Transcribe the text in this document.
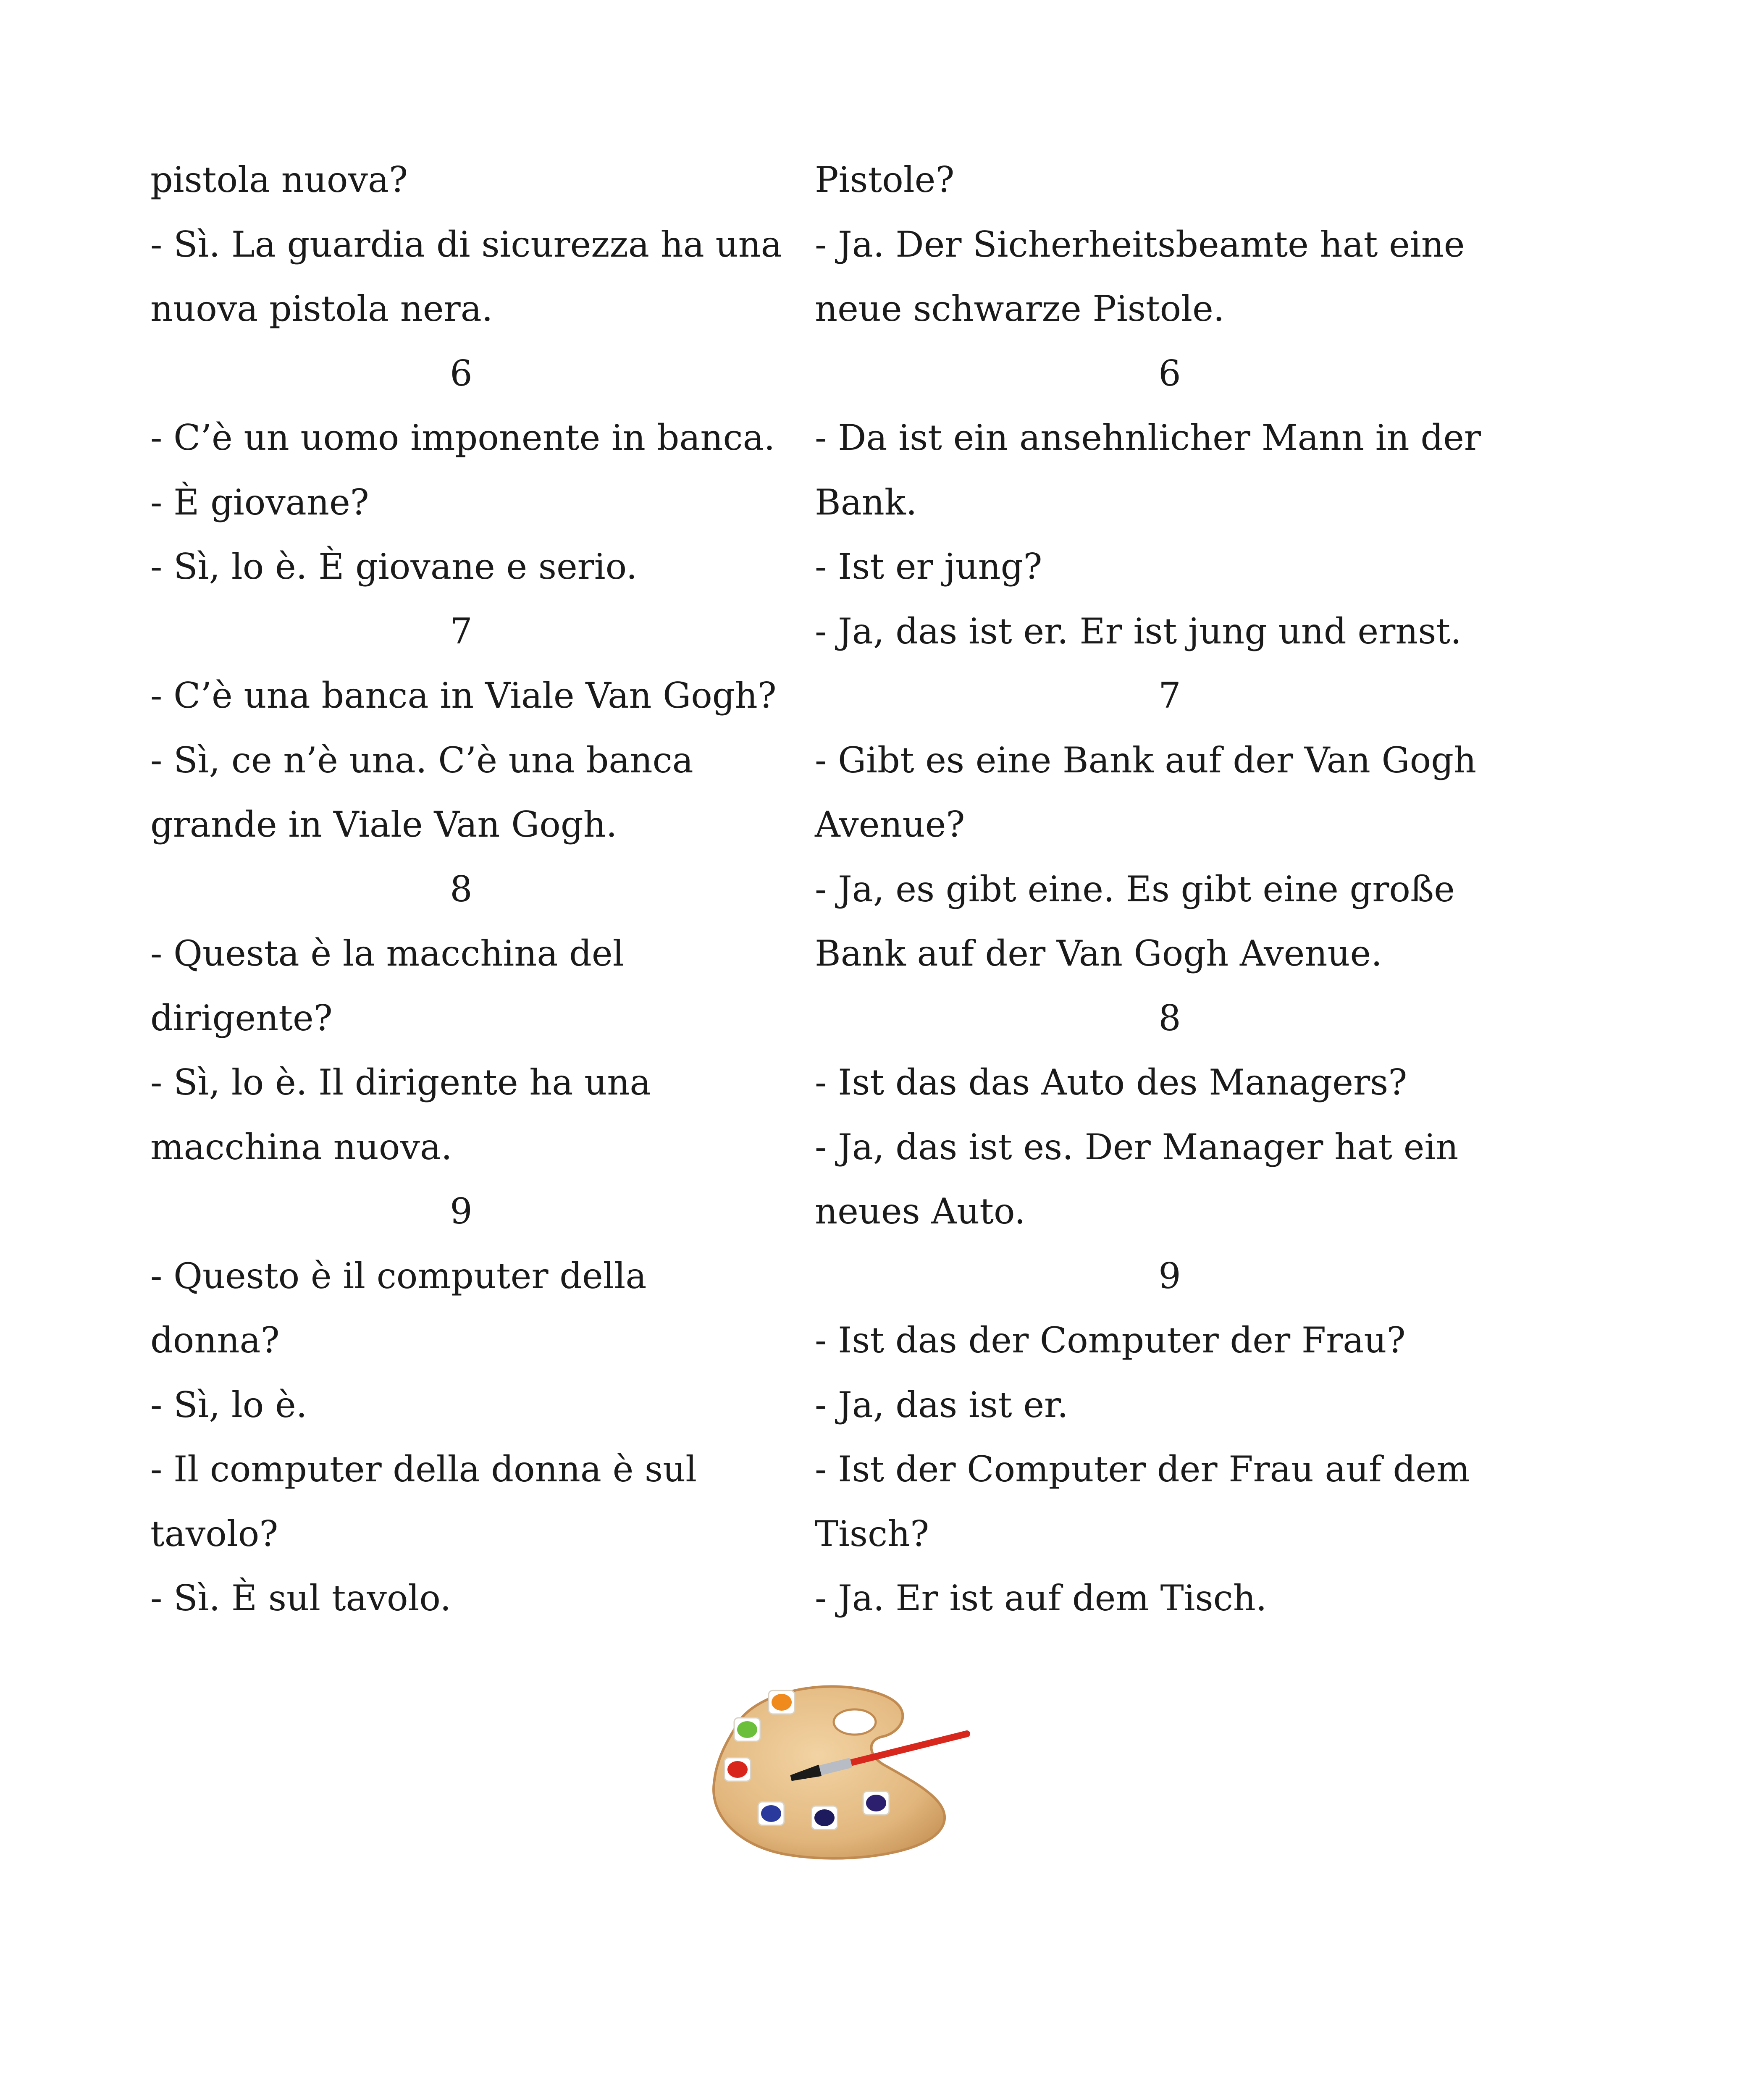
pistola nuova?
- Sì. La guardia di sicurezza ha una
nuova pistola nera.
6
- C’è un uomo imponente in banca.
- È giovane?
- Sì, lo è. È giovane e serio.
7
- C’è una banca in Viale Van Gogh?
- Sì, ce n’è una. C’è una banca
grande in Viale Van Gogh.
8
- Questa è la macchina del
dirigente?
- Sì, lo è. Il dirigente ha una
macchina nuova.
9
- Questo è il computer della
donna?
- Sì, lo è.
- Il computer della donna è sul
tavolo?
- Sì. È sul tavolo.
Pistole?
- Ja. Der Sicherheitsbeamte hat eine
neue schwarze Pistole.
6
- Da ist ein ansehnlicher Mann in der
Bank.
- Ist er jung?
- Ja, das ist er. Er ist jung und ernst.
7
- Gibt es eine Bank auf der Van Gogh
Avenue?
- Ja, es gibt eine. Es gibt eine große
Bank auf der Van Gogh Avenue.
8
- Ist das das Auto des Managers?
- Ja, das ist es. Der Manager hat ein
neues Auto.
9
- Ist das der Computer der Frau?
- Ja, das ist er.
- Ist der Computer der Frau auf dem
Tisch?
- Ja. Er ist auf dem Tisch.
